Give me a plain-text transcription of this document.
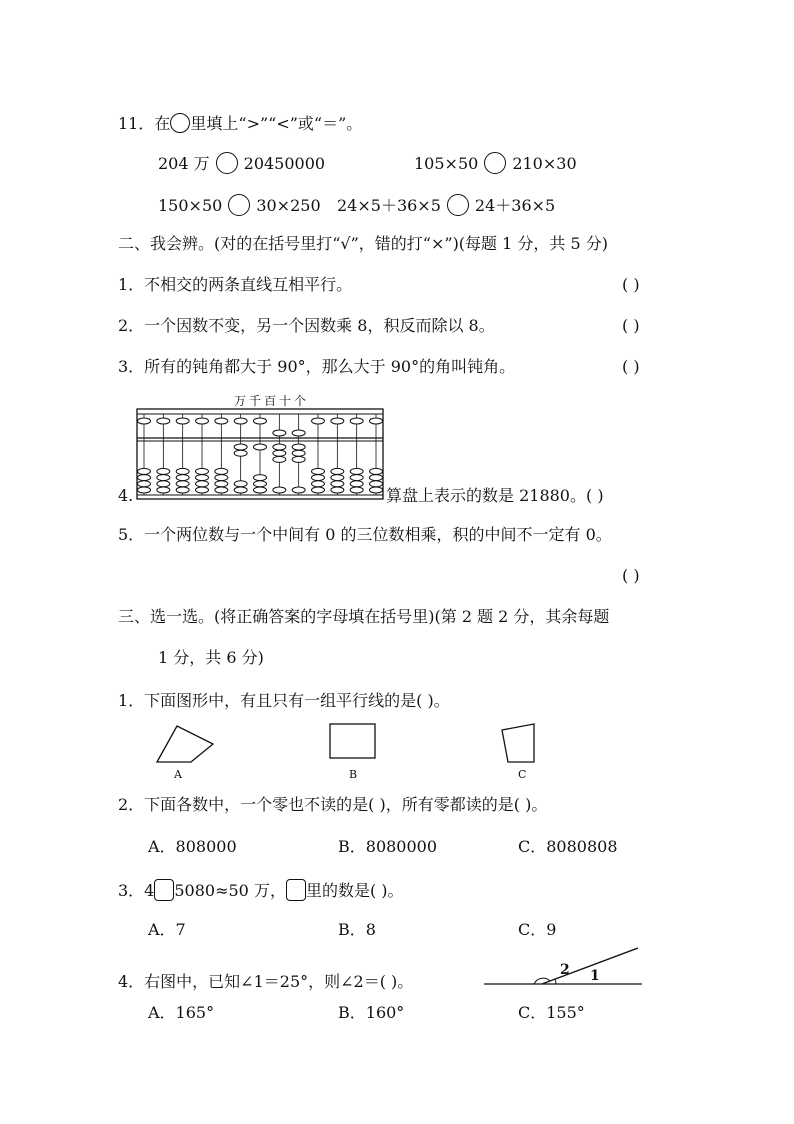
11．在 里填上“>”“<”或“＝”。
204 万 20450000	105×50 210×30
150×50 30×250 24×5＋36×5 24＋36×5
二、我会辨。(对的在括号里打“√”，错的打“×”)(每题 1 分，共 5 分)
1．不相交的两条直线互相平行。	( )
2．一个因数不变，另一个因数乘 8，积反而除以 8。	( )
3．所有的钝角都大于 90°，那么大于 90°的角叫钝角。	( )
万千百十个
4.	算盘上表示的数是 21880。( )
5．一个两位数与一个中间有 0 的三位数相乘，积的中间不一定有 0。
( )
三、选一选。(将正确答案的字母填在括号里)(第 2 题 2 分，其余每题
1 分，共 6 分)
1．下面图形中，有且只有一组平行线的是( )。
A	B	C
2．下面各数中，一个零也不读的是( )，所有零都读的是( )。
A．808000	B．8080000	C．8080808
3．4 5080≈50 万， 里的数是( )。
A．7	B．8	C．9
4．右图中，已知∠1＝25°，则∠2＝( )。
2 1
A．165°	B．160°	C．155°
